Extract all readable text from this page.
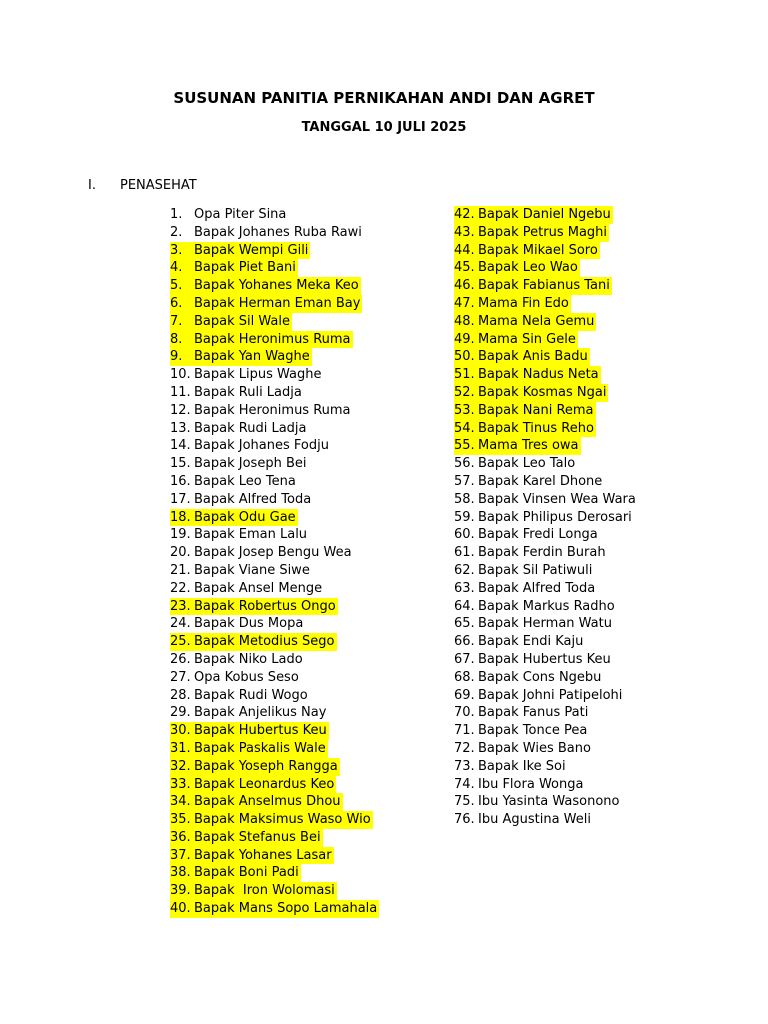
SUSUNAN PANITIA PERNIKAHAN ANDI DAN AGRET
TANGGAL 10 JULI 2025
I. PENASEHAT
1. Opa Piter Sina
2. Bapak Johanes Ruba Rawi
3. Bapak Wempi Gili
4. Bapak Piet Bani
5. Bapak Yohanes Meka Keo
6. Bapak Herman Eman Bay
7. Bapak Sil Wale
8. Bapak Heronimus Ruma
9. Bapak Yan Waghe
10. Bapak Lipus Waghe
11. Bapak Ruli Ladja
12. Bapak Heronimus Ruma
13. Bapak Rudi Ladja
14. Bapak Johanes Fodju
15. Bapak Joseph Bei
16. Bapak Leo Tena
17. Bapak Alfred Toda
18. Bapak Odu Gae
19. Bapak Eman Lalu
20. Bapak Josep Bengu Wea
21. Bapak Viane Siwe
22. Bapak Ansel Menge
23. Bapak Robertus Ongo
24. Bapak Dus Mopa
25. Bapak Metodius Sego
26. Bapak Niko Lado
27. Opa Kobus Seso
28. Bapak Rudi Wogo
29. Bapak Anjelikus Nay
30. Bapak Hubertus Keu
31. Bapak Paskalis Wale
32. Bapak Yoseph Rangga
33. Bapak Leonardus Keo
34. Bapak Anselmus Dhou
35. Bapak Maksimus Waso Wio
36. Bapak Stefanus Bei
37. Bapak Yohanes Lasar
38. Bapak Boni Padi
39. Bapak  Iron Wolomasi
40. Bapak Mans Sopo Lamahala
42. Bapak Daniel Ngebu
43. Bapak Petrus Maghi
44. Bapak Mikael Soro
45. Bapak Leo Wao
46. Bapak Fabianus Tani
47. Mama Fin Edo
48. Mama Nela Gemu
49. Mama Sin Gele
50. Bapak Anis Badu
51. Bapak Nadus Neta
52. Bapak Kosmas Ngai
53. Bapak Nani Rema
54. Bapak Tinus Reho
55. Mama Tres owa
56. Bapak Leo Talo
57. Bapak Karel Dhone
58. Bapak Vinsen Wea Wara
59. Bapak Philipus Derosari
60. Bapak Fredi Longa
61. Bapak Ferdin Burah
62. Bapak Sil Patiwuli
63. Bapak Alfred Toda
64. Bapak Markus Radho
65. Bapak Herman Watu
66. Bapak Endi Kaju
67. Bapak Hubertus Keu
68. Bapak Cons Ngebu
69. Bapak Johni Patipelohi
70. Bapak Fanus Pati
71. Bapak Tonce Pea
72. Bapak Wies Bano
73. Bapak Ike Soi
74. Ibu Flora Wonga
75. Ibu Yasinta Wasonono
76. Ibu Agustina Weli
